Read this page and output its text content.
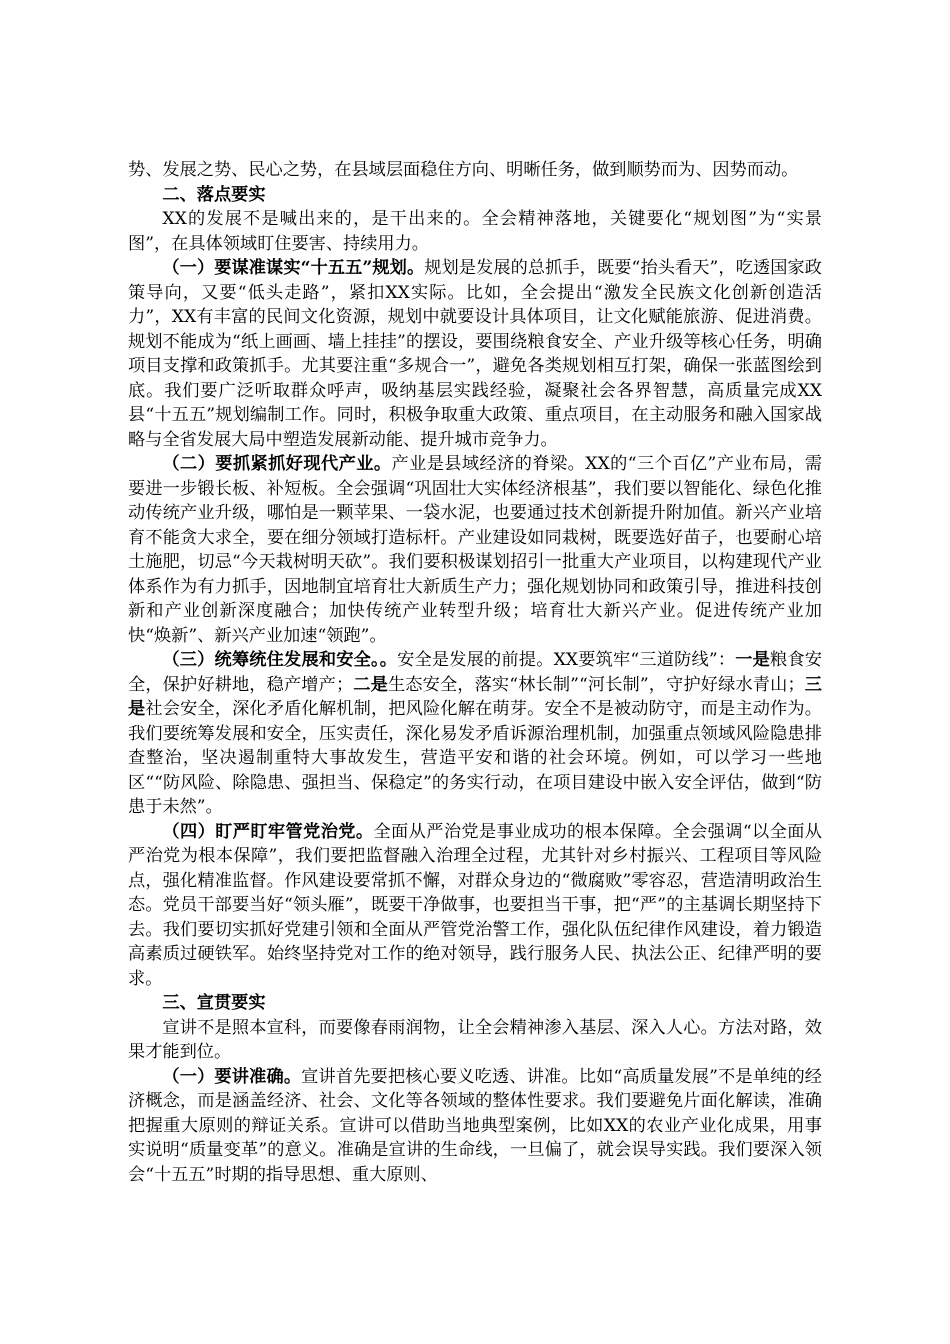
势、发展之势、民心之势，在县域层面稳住方向、明晰任务，做到顺势而为、因势而动。

二、落点要实

XX的发展不是喊出来的，是干出来的。全会精神落地，关键要化“规划图”为“实景图”，在具体领域盯住要害、持续用力。

（一）要谋准谋实“十五五”规划。规划是发展的总抓手，既要“抬头看天”，吃透国家政策导向，又要“低头走路”，紧扣XX实际。比如，全会提出“激发全民族文化创新创造活力”，XX有丰富的民间文化资源，规划中就要设计具体项目，让文化赋能旅游、促进消费。规划不能成为“纸上画画、墙上挂挂”的摆设，要围绕粮食安全、产业升级等核心任务，明确项目支撑和政策抓手。尤其要注重“多规合一”，避免各类规划相互打架，确保一张蓝图绘到底。我们要广泛听取群众呼声，吸纳基层实践经验，凝聚社会各界智慧，高质量完成XX县“十五五”规划编制工作。同时，积极争取重大政策、重点项目，在主动服务和融入国家战略与全省发展大局中塑造发展新动能、提升城市竞争力。

（二）要抓紧抓好现代产业。产业是县域经济的脊梁。XX的“三个百亿”产业布局，需要进一步锻长板、补短板。全会强调“巩固壮大实体经济根基”，我们要以智能化、绿色化推动传统产业升级，哪怕是一颗苹果、一袋水泥，也要通过技术创新提升附加值。新兴产业培育不能贪大求全，要在细分领域打造标杆。产业建设如同栽树，既要选好苗子，也要耐心培土施肥，切忌“今天栽树明天砍”。我们要积极谋划招引一批重大产业项目，以构建现代产业体系作为有力抓手，因地制宜培育壮大新质生产力；强化规划协同和政策引导，推进科技创新和产业创新深度融合；加快传统产业转型升级；培育壮大新兴产业。促进传统产业加快“焕新”、新兴产业加速“领跑”。

（三）统筹统住发展和安全。。安全是发展的前提。XX要筑牢“三道防线”：一是粮食安全，保护好耕地，稳产增产；二是生态安全，落实“林长制”“河长制”，守护好绿水青山；三是社会安全，深化矛盾化解机制，把风险化解在萌芽。安全不是被动防守，而是主动作为。我们要统筹发展和安全，压实责任，深化易发矛盾诉源治理机制，加强重点领域风险隐患排查整治，坚决遏制重特大事故发生，营造平安和谐的社会环境。例如，可以学习一些地区““防风险、除隐患、强担当、保稳定”的务实行动，在项目建设中嵌入安全评估，做到“防患于未然”。

（四）盯严盯牢管党治党。全面从严治党是事业成功的根本保障。全会强调“以全面从严治党为根本保障”，我们要把监督融入治理全过程，尤其针对乡村振兴、工程项目等风险点，强化精准监督。作风建设要常抓不懈，对群众身边的“微腐败”零容忍，营造清明政治生态。党员干部要当好“领头雁”，既要干净做事，也要担当干事，把“严”的主基调长期坚持下去。我们要切实抓好党建引领和全面从严管党治警工作，强化队伍纪律作风建设，着力锻造高素质过硬铁军。始终坚持党对工作的绝对领导，践行服务人民、执法公正、纪律严明的要求。

三、宣贯要实

宣讲不是照本宣科，而要像春雨润物，让全会精神渗入基层、深入人心。方法对路，效果才能到位。

（一）要讲准确。宣讲首先要把核心要义吃透、讲准。比如“高质量发展”不是单纯的经济概念，而是涵盖经济、社会、文化等各领域的整体性要求。我们要避免片面化解读，准确把握重大原则的辩证关系。宣讲可以借助当地典型案例，比如XX的农业产业化成果，用事实说明“质量变革”的意义。准确是宣讲的生命线，一旦偏了，就会误导实践。我们要深入领会“十五五”时期的指导思想、重大原则、
